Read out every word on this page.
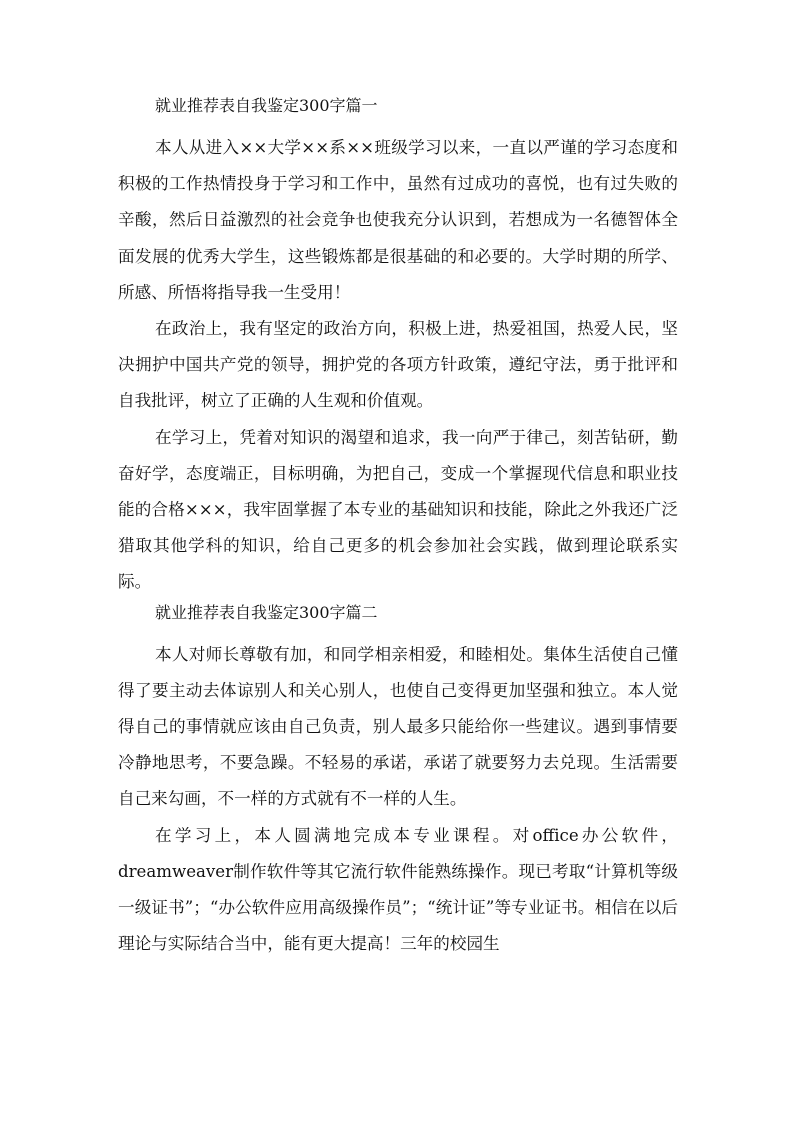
就业推荐表自我鉴定300字篇一

本人从进入××大学××系××班级学习以来，一直以严谨的学习态度和积极的工作热情投身于学习和工作中，虽然有过成功的喜悦，也有过失败的辛酸，然后日益激烈的社会竞争也使我充分认识到，若想成为一名德智体全面发展的优秀大学生，这些锻炼都是很基础的和必要的。大学时期的所学、所感、所悟将指导我一生受用！

在政治上，我有坚定的政治方向，积极上进，热爱祖国，热爱人民，坚决拥护中国共产党的领导，拥护党的各项方针政策，遵纪守法，勇于批评和自我批评，树立了正确的人生观和价值观。

在学习上，凭着对知识的渴望和追求，我一向严于律己，刻苦钻研，勤奋好学，态度端正，目标明确，为把自己，变成一个掌握现代信息和职业技能的合格×××，我牢固掌握了本专业的基础知识和技能，除此之外我还广泛猎取其他学科的知识，给自己更多的机会参加社会实践，做到理论联系实际。

就业推荐表自我鉴定300字篇二

本人对师长尊敬有加，和同学相亲相爱，和睦相处。集体生活使自己懂得了要主动去体谅别人和关心别人，也使自己变得更加坚强和独立。本人觉得自己的事情就应该由自己负责，别人最多只能给你一些建议。遇到事情要冷静地思考，不要急躁。不轻易的承诺，承诺了就要努力去兑现。生活需要自己来勾画，不一样的方式就有不一样的人生。

在学习上，本人圆满地完成本专业课程。对office办公软件，dreamweaver制作软件等其它流行软件能熟练操作。现已考取“计算机等级一级证书”；“办公软件应用高级操作员”；“统计证”等专业证书。相信在以后理论与实际结合当中，能有更大提高！三年的校园生
